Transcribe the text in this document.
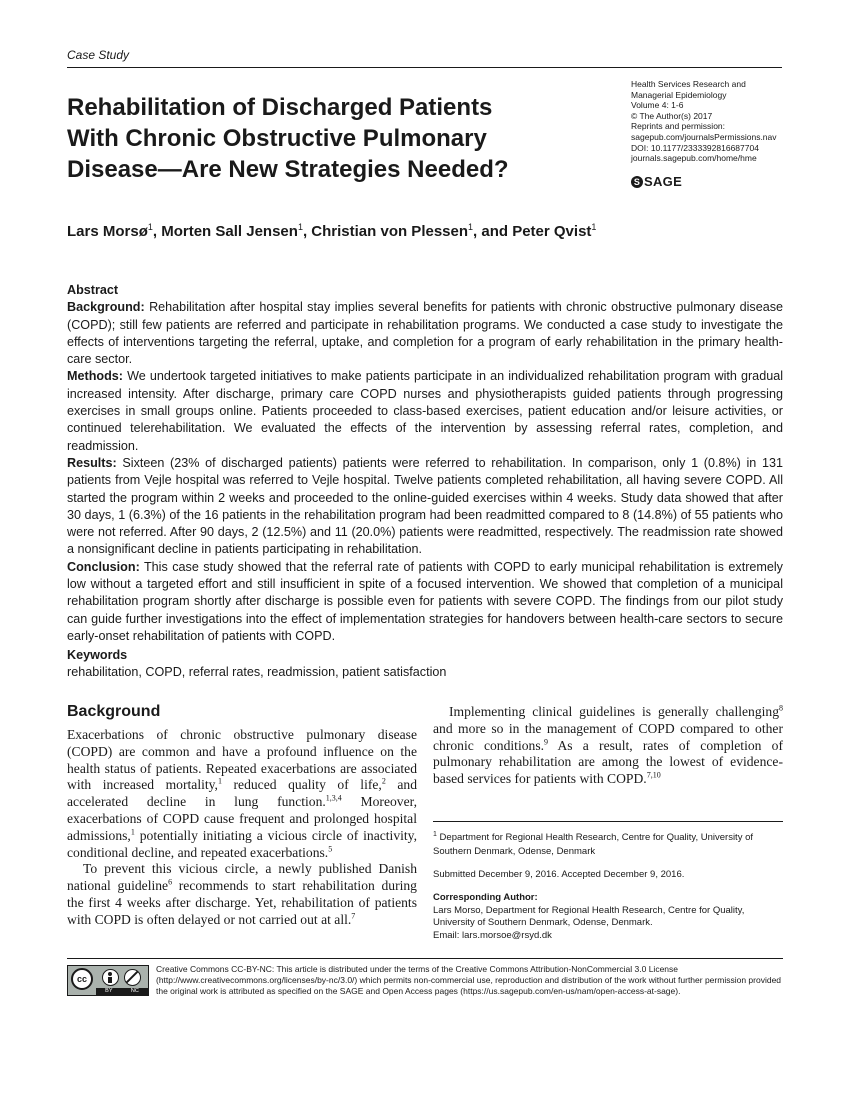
Case Study
Rehabilitation of Discharged Patients
With Chronic Obstructive Pulmonary
Disease—Are New Strategies Needed?
Health Services Research and
Managerial Epidemiology
Volume 4: 1-6
© The Author(s) 2017
Reprints and permission:
sagepub.com/journalsPermissions.nav
DOI: 10.1177/2333392816687704
journals.sagepub.com/home/hme
S SAGE
Lars Morsø$^1$, Morten Sall Jensen$^1$, Christian von Plessen$^1$, and Peter Qvist$^1$
Abstract

Background: Rehabilitation after hospital stay implies several benefits for patients with chronic obstructive pulmonary disease (COPD); still few patients are referred and participate in rehabilitation programs. We conducted a case study to investigate the effects of interventions targeting the referral, uptake, and completion for a program of early rehabilitation in the primary health-care sector.

Methods: We undertook targeted initiatives to make patients participate in an individualized rehabilitation program with gradual increased intensity. After discharge, primary care COPD nurses and physiotherapists guided patients through progressing exercises in small groups online. Patients proceeded to class-based exercises, patient education and/or leisure activities, or continued telerehabilitation. We evaluated the effects of the intervention by assessing referral rates, completion, and readmission.

Results: Sixteen (23% of discharged patients) patients were referred to rehabilitation. In comparison, only 1 (0.8%) in 131 patients from Vejle hospital was referred to Vejle hospital. Twelve patients completed rehabilitation, all having severe COPD. All started the program within 2 weeks and proceeded to the online-guided exercises within 4 weeks. Study data showed that after 30 days, 1 (6.3%) of the 16 patients in the rehabilitation program had been readmitted compared to 8 (14.8%) of 55 patients who were not referred. After 90 days, 2 (12.5%) and 11 (20.0%) patients were readmitted, respectively. The readmission rate showed a nonsignificant decline in patients participating in rehabilitation.

Conclusion: This case study showed that the referral rate of patients with COPD to early municipal rehabilitation is extremely low without a targeted effort and still insufficient in spite of a focused intervention. We showed that completion of a municipal rehabilitation program shortly after discharge is possible even for patients with severe COPD. The findings from our pilot study can guide further investigations into the effect of implementation strategies for handovers between health-care sectors to secure early-onset rehabilitation of patients with COPD.

Keywords
rehabilitation, COPD, referral rates, readmission, patient satisfaction
Background

Exacerbations of chronic obstructive pulmonary disease (COPD) are common and have a profound influence on the health status of patients. Repeated exacerbations are associated with increased mortality,$^1$ reduced quality of life,$^2$ and accelerated decline in lung function.$^{1,3,4}$ Moreover, exacerbations of COPD cause frequent and prolonged hospital admissions,$^1$ potentially initiating a vicious circle of inactivity, conditional decline, and repeated exacerbations.$^5$

To prevent this vicious circle, a newly published Danish national guideline$^6$ recommends to start rehabilitation during the first 4 weeks after discharge. Yet, rehabilitation of patients with COPD is often delayed or not carried out at all.$^7$

Implementing clinical guidelines is generally challenging$^8$ and more so in the management of COPD compared to other chronic conditions.$^9$ As a result, rates of completion of pulmonary rehabilitation are among the lowest of evidence-based services for patients with COPD.$^{7,10}$

$^1$ Department for Regional Health Research, Centre for Quality, University of Southern Denmark, Odense, Denmark
Submitted December 9, 2016. Accepted December 9, 2016.
Corresponding Author:
Lars Morso, Department for Regional Health Research, Centre for Quality, University of Southern Denmark, Odense, Denmark.
Email: lars.morsoe@rsyd.dk
cc
BY	NC
Creative Commons CC-BY-NC: This article is distributed under the terms of the Creative Commons Attribution-NonCommercial 3.0 License (http://www.creativecommons.org/licenses/by-nc/3.0/) which permits non-commercial use, reproduction and distribution of the work without further permission provided the original work is attributed as specified on the SAGE and Open Access pages (https://us.sagepub.com/en-us/nam/open-access-at-sage).
